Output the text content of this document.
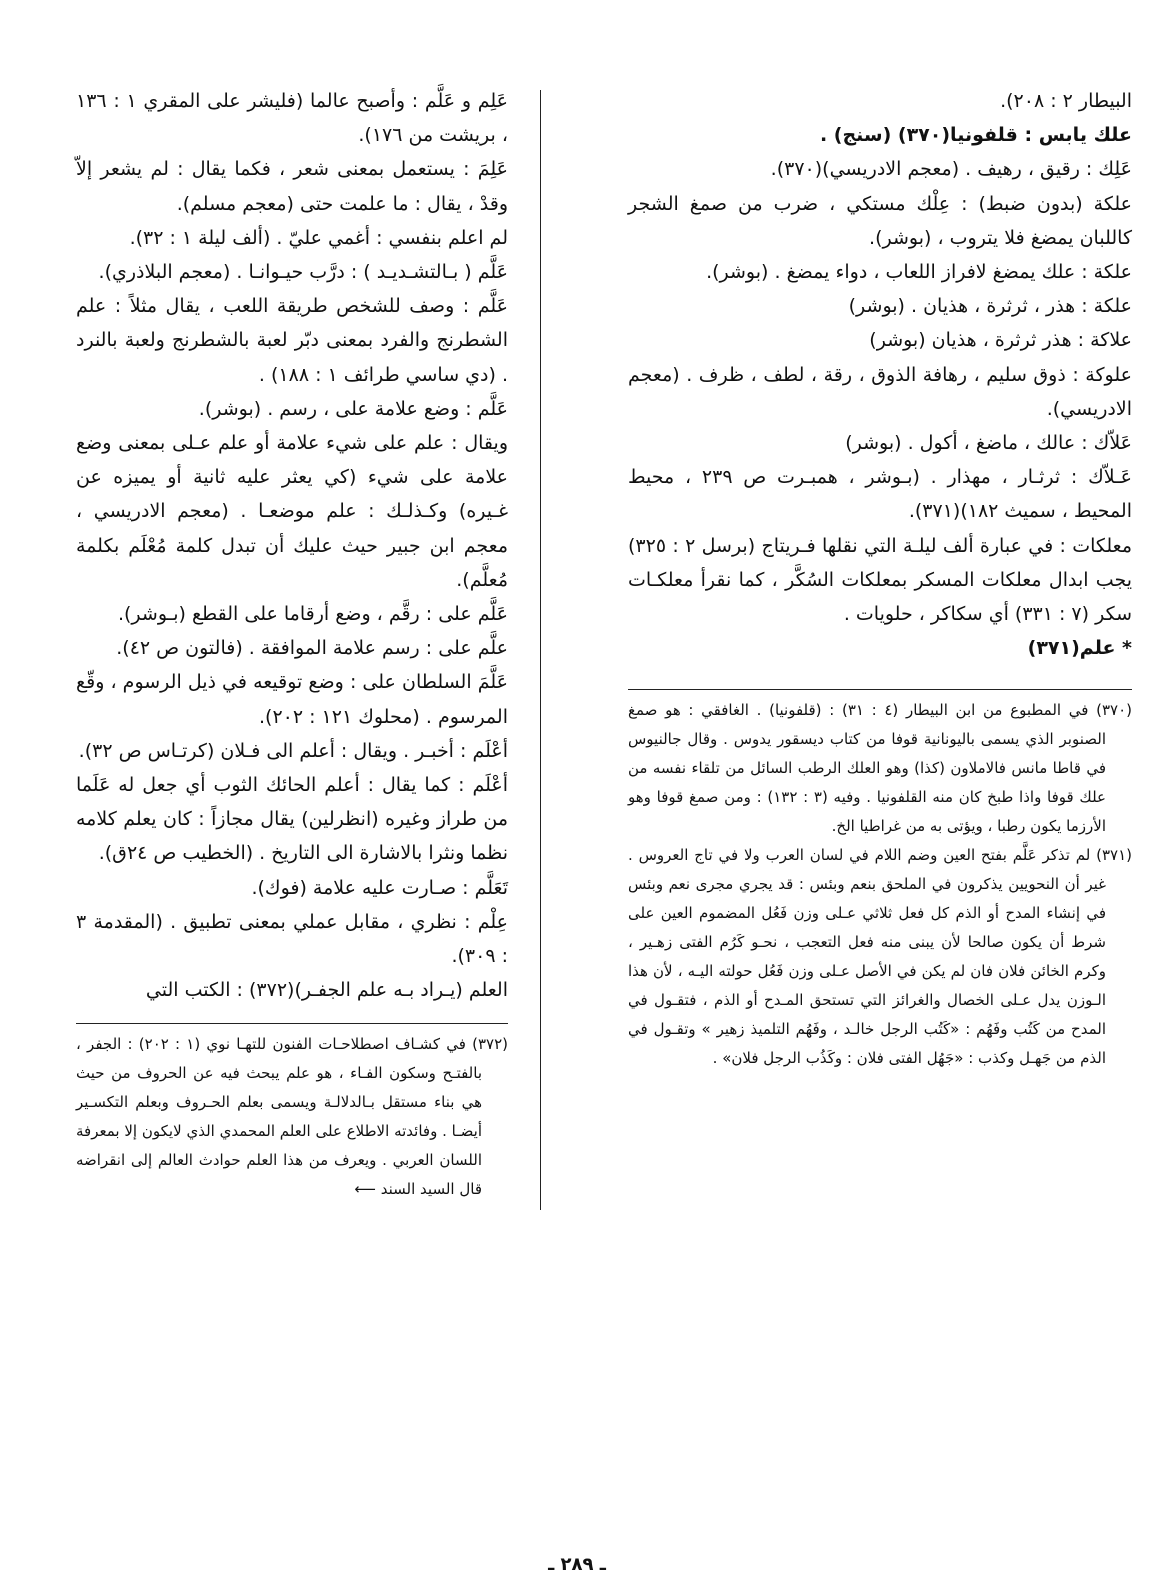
البيطار ٢ : ٢٠٨).

علك يابس : قلفونيا(٣٧٠) (سنج) .

عَلِك : رقيق ، رهيف . (معجم الادريسي)(٣٧٠).

علكة (بدون ضبط) : عِلْك مستكي ، ضرب من صمغ الشجر كاللبان يمضغ فلا يتروب ، (بوشر).

علكة : علك يمضغ لافراز اللعاب ، دواء يمضغ . (بوشر).

علكة : هذر ، ثرثرة ، هذيان . (بوشر)

علاكة : هذر ثرثرة ، هذيان (بوشر)

علوكة : ذوق سليم ، رهافة الذوق ، رقة ، لطف ، ظرف . (معجم الادريسي).

عَلاّك : عالك ، ماضغ ، أكول . (بوشر)

عَـلاّك : ثرثـار ، مهذار . (بـوشر ، همبـرت ص ٢٣٩ ، محيط المحيط ، سميث ١٨٢)(٣٧١).

معلكات : في عبارة ألف ليلـة التي نقلها فـريتاج (برسل ٢ : ٣٢٥) يجب ابدال معلكات المسكر بمعلكات السُكَّر ، كما نقرأ معلكـات سكر (٧ : ٣٣١) أي سكاكر ، حلويات .

* علم(٣٧١)

(٣٧٠) في المطبوع من ابن البيطار (٤ : ٣١) : (قلفونيا) . الغافقي : هو صمغ الصنوبر الذي يسمى باليونانية قوفا من كتاب ديسقور يدوس . وقال جالنيوس في قاطا مانس فالاملاون (كذا) وهو العلك الرطب السائل من تلقاء نفسه من علك قوفا واذا طبخ كان منه القلفونيا . وفيه (٣ : ١٣٢) : ومن صمغ قوفا وهو الأرزما يكون رطبا ، ويؤتى به من غراطيا الخ.

(٣٧١) لم تذكر عَلَّم بفتح العين وضم اللام في لسان العرب ولا في تاج العروس . غير أن النحويين يذكرون في الملحق بنعم وبئس : قد يجري مجرى نعم وبئس في إنشاء المدح أو الذم كل فعل ثلاثي عـلى وزن فَعُل المضموم العين على شرط أن يكون صالحا لأن يبنى منه فعل التعجب ، نحـو كَرُم الفتى زهـير ، وكرم الخائن فلان فان لم يكن في الأصل عـلى وزن فَعُل حولته اليـه ، لأن هذا الـوزن يدل عـلى الخصال والغرائز التي تستحق المـدح أو الذم ، فتقـول في المدح من كَتُب وفَهُم : «كَتُب الرجل خالـد ، وفَهُم التلميذ زهير » وتقـول في الذم من جَهـل وكذب : «جَهُل الفتى فلان : وكَذُب الرجل فلان» .

عَلِم و عَلَّم : وأصبح عالما (فليشر على المقري ١ : ١٣٦ ، بريشت من ١٧٦).

عَلِمَ : يستعمل بمعنى شعر ، فكما يقال : لم يشعر إلاّ وقدْ ، يقال : ما علمت حتى (معجم مسلم).

لم اعلم بنفسي : أغمي عليّ . (ألف ليلة ١ : ٣٢).

عَلَّم ( بـالتشـديـد ) : درَّب حيـوانـا . (معجم البلاذري).

عَلَّم : وصف للشخص طريقة اللعب ، يقال مثلاً : علم الشطرنج والفرد بمعنى دبّر لعبة بالشطرنج ولعبة بالنرد . (دي ساسي طرائف ١ : ١٨٨) .

عَلَّم : وضع علامة على ، رسم . (بوشر).

ويقال : علم على شيء علامة أو علم عـلى بمعنى وضع علامة على شيء (كي يعثر عليه ثانية أو يميزه عن غـيره) وكـذلـك : علم موضعـا . (معجم الادريسي ، معجم ابن جبير حيث عليك أن تبدل كلمة مُعْلَم بكلمة مُعلَّم).

عَلَّم على : رقَّم ، وضع أرقاما على القطع (بـوشر).

علَّم على : رسم علامة الموافقة . (فالتون ص ٤٢).

عَلَّمَ السلطان على : وضع توقيعه في ذيل الرسوم ، وقّع المرسوم . (محلوك ١٢١ : ٢٠٢).

أعْلَم : أخبـر . ويقال : أعلم الى فـلان (كرتـاس ص ٣٢).

أعْلَم : كما يقال : أعلم الحائك الثوب أي جعل له عَلَما من طراز وغيره (انظرلين) يقال مجازاً : كان يعلم كلامه نظما ونثرا بالاشارة الى التاريخ . (الخطيب ص ٢٤ق).

تَعَلَّم : صـارت عليه علامة (فوك).

عِلْم : نظري ، مقابل عملي بمعنى تطبيق . (المقدمة ٣ : ٣٠٩).

العلم (يـراد بـه علم الجفـر)(٣٧٢) : الكتب التي

(٣٧٢) في كشـاف اصطلاحـات الفنون للتهـا نوي (١ : ٢٠٢) : الجفر ، بالفتـح وسكون الفـاء ، هو علم يبحث فيه عن الحروف من حيث هي بناء مستقل بـالدلالـة ويسمى بعلم الحـروف وبعلم التكسـير أيضـا . وفائدته الاطلاع على العلم المحمدي الذي لايكون إلا بمعرفة اللسان العربي . ويعرف من هذا العلم حوادث العالم إلى انقراضه قال السيد السند ⟵

ـ ٢٨٩ ـ
